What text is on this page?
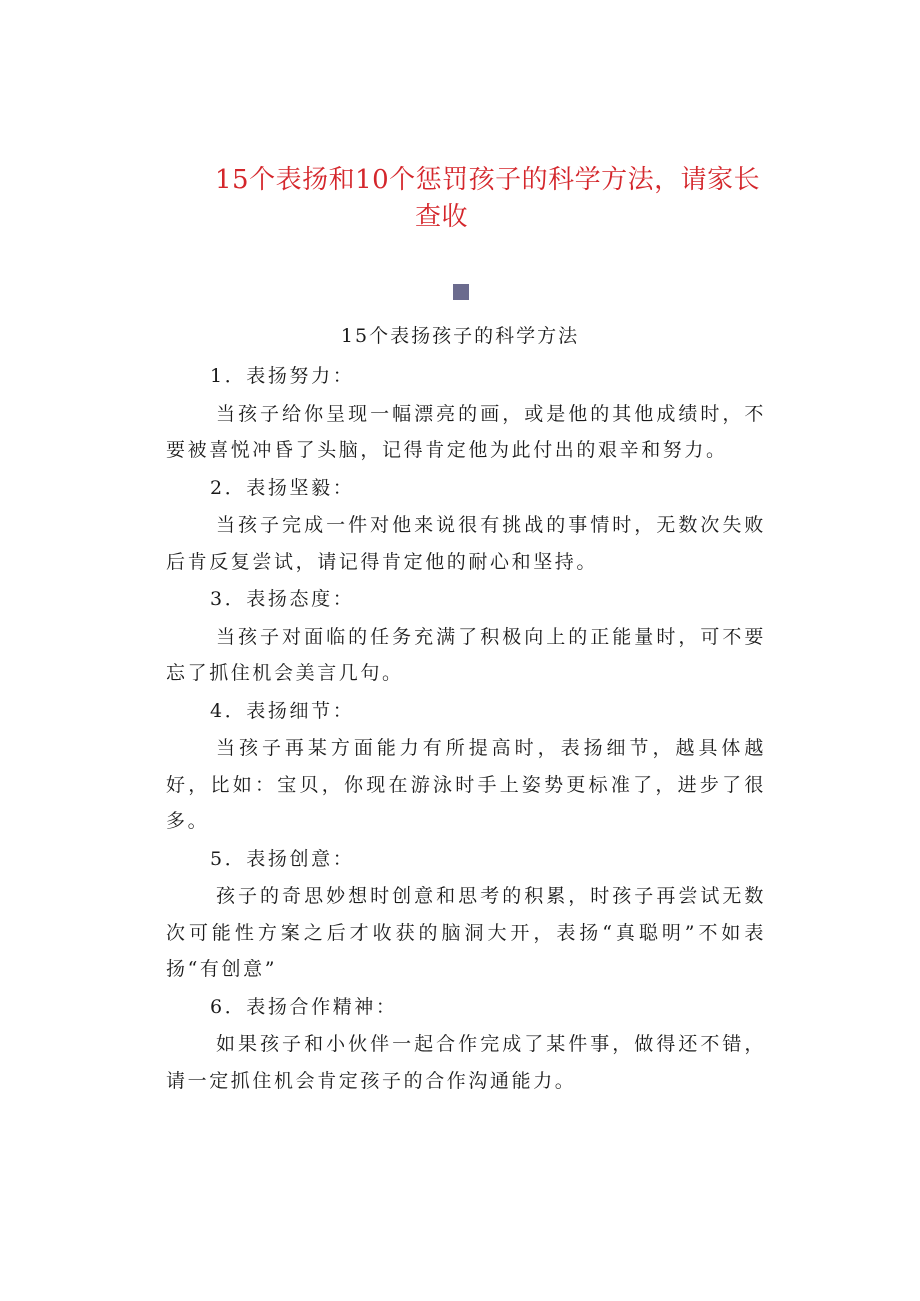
15个表扬和10个惩罚孩子的科学方法，请家长
查收
15个表扬孩子的科学方法

1．表扬努力：

当孩子给你呈现一幅漂亮的画，或是他的其他成绩时，不要被喜悦冲昏了头脑，记得肯定他为此付出的艰辛和努力。

2．表扬坚毅：

当孩子完成一件对他来说很有挑战的事情时，无数次失败后肯反复尝试，请记得肯定他的耐心和坚持。

3．表扬态度：

当孩子对面临的任务充满了积极向上的正能量时，可不要忘了抓住机会美言几句。

4．表扬细节：

当孩子再某方面能力有所提高时，表扬细节，越具体越好，比如：宝贝，你现在游泳时手上姿势更标准了，进步了很多。

5．表扬创意：

孩子的奇思妙想时创意和思考的积累，时孩子再尝试无数次可能性方案之后才收获的脑洞大开，表扬“真聪明”不如表扬“有创意”

6．表扬合作精神：

如果孩子和小伙伴一起合作完成了某件事，做得还不错，请一定抓住机会肯定孩子的合作沟通能力。
